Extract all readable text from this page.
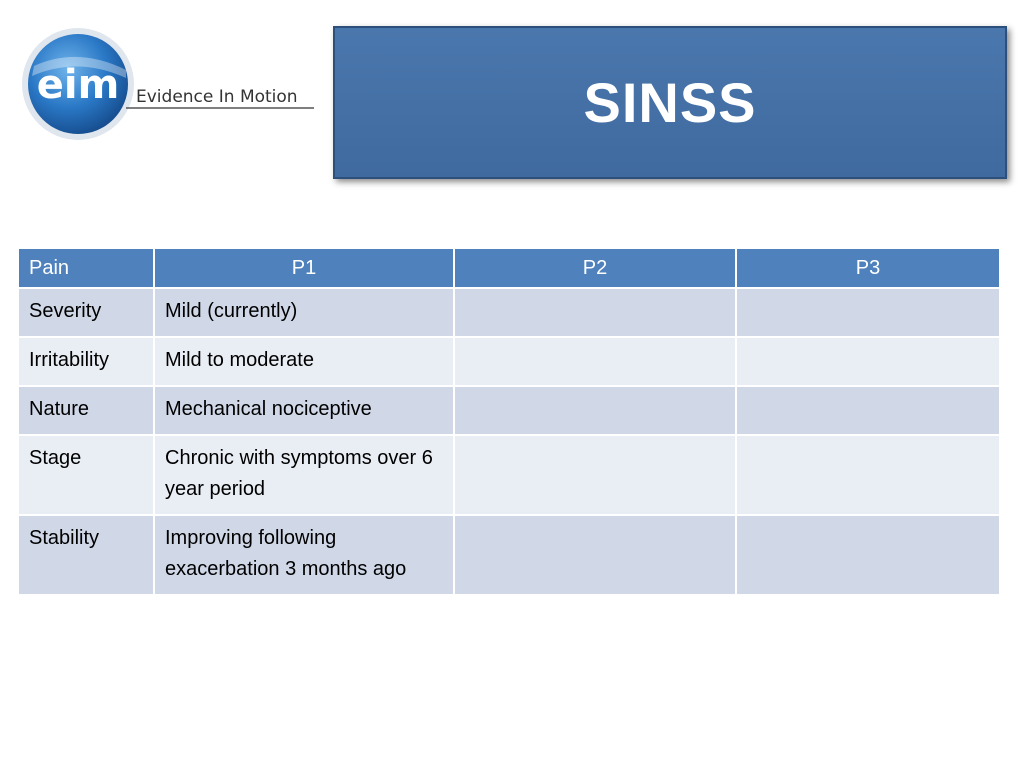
eim Evidence In Motion	SINSS
Pain	P1	P2	P3
Severity	Mild (currently)		
Irritability	Mild to moderate		
Nature	Mechanical nociceptive		
Stage	Chronic with symptoms over 6 year period		
Stability	Improving following exacerbation 3 months ago		
